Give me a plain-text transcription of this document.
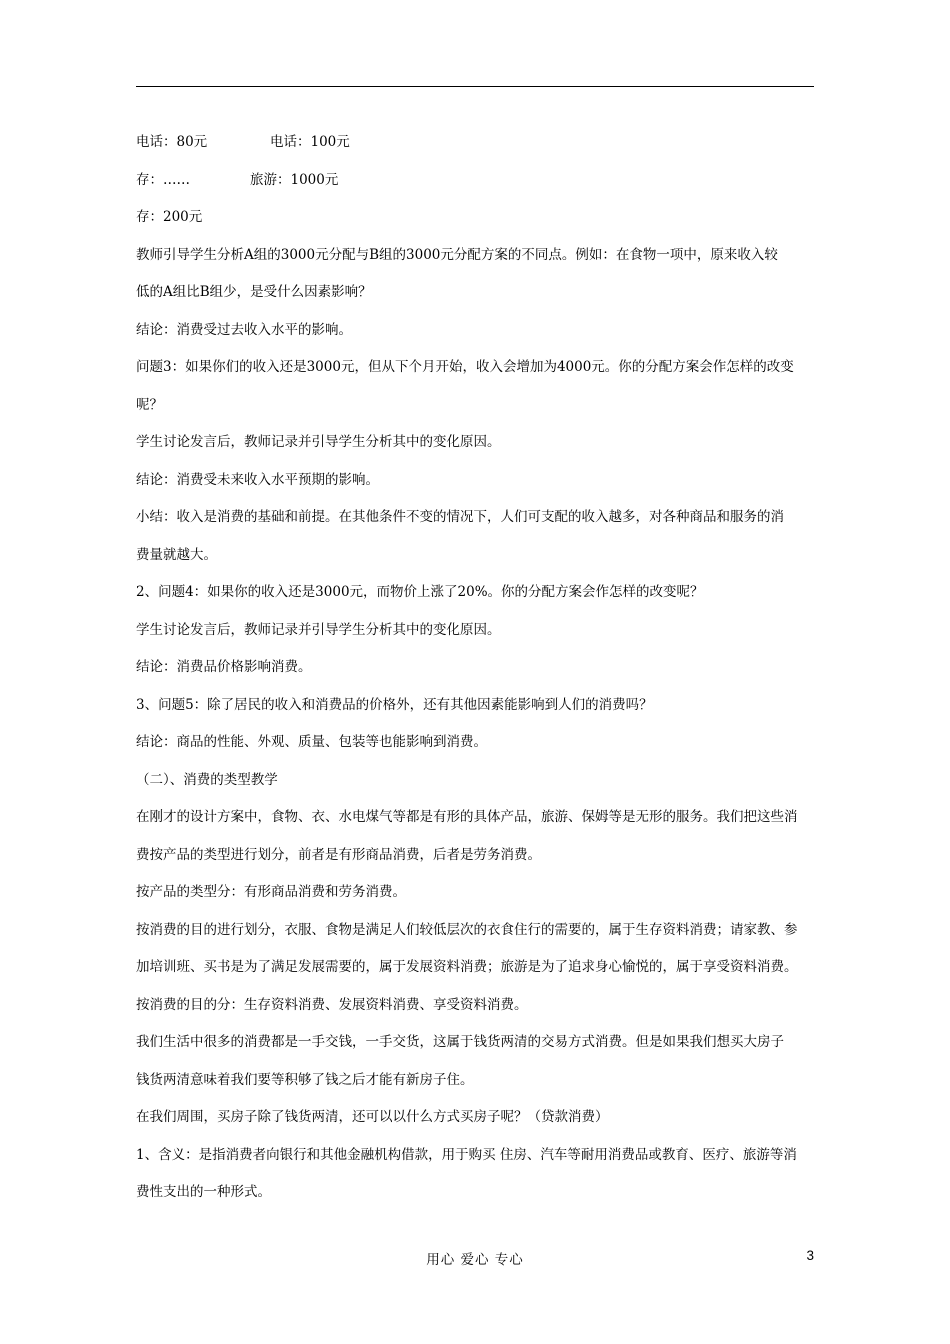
电话：80元	电话：100元
存：……	旅游：1000元
存：200元
教师引导学生分析A组的3000元分配与B组的3000元分配方案的不同点。例如：在食物一项中，原来收入较
低的A组比B组少，是受什么因素影响？
结论：消费受过去收入水平的影响。
问题3：如果你们的收入还是3000元，但从下个月开始，收入会增加为4000元。你的分配方案会作怎样的改变
呢？
学生讨论发言后，教师记录并引导学生分析其中的变化原因。
结论：消费受未来收入水平预期的影响。
小结：收入是消费的基础和前提。在其他条件不变的情况下，人们可支配的收入越多，对各种商品和服务的消
费量就越大。
2、问题4：如果你的收入还是3000元，而物价上涨了20%。你的分配方案会作怎样的改变呢？
学生讨论发言后，教师记录并引导学生分析其中的变化原因。
结论：消费品价格影响消费。
3、问题5：除了居民的收入和消费品的价格外，还有其他因素能影响到人们的消费吗？
结论：商品的性能、外观、质量、包装等也能影响到消费。
（二）、消费的类型教学
在刚才的设计方案中，食物、衣、水电煤气等都是有形的具体产品，旅游、保姆等是无形的服务。我们把这些消
费按产品的类型进行划分，前者是有形商品消费，后者是劳务消费。
按产品的类型分：有形商品消费和劳务消费。
按消费的目的进行划分，衣服、食物是满足人们较低层次的衣食住行的需要的，属于生存资料消费；请家教、参
加培训班、买书是为了满足发展需要的，属于发展资料消费；旅游是为了追求身心愉悦的，属于享受资料消费。
按消费的目的分：生存资料消费、发展资料消费、享受资料消费。
我们生活中很多的消费都是一手交钱，一手交货，这属于钱货两清的交易方式消费。但是如果我们想买大房子
钱货两清意味着我们要等积够了钱之后才能有新房子住。
在我们周围，买房子除了钱货两清，还可以以什么方式买房子呢？（贷款消费）
1、含义：是指消费者向银行和其他金融机构借款，用于购买 住房、汽车等耐用消费品或教育、医疗、旅游等消
费性支出的一种形式。
用心 爱心 专心	3
